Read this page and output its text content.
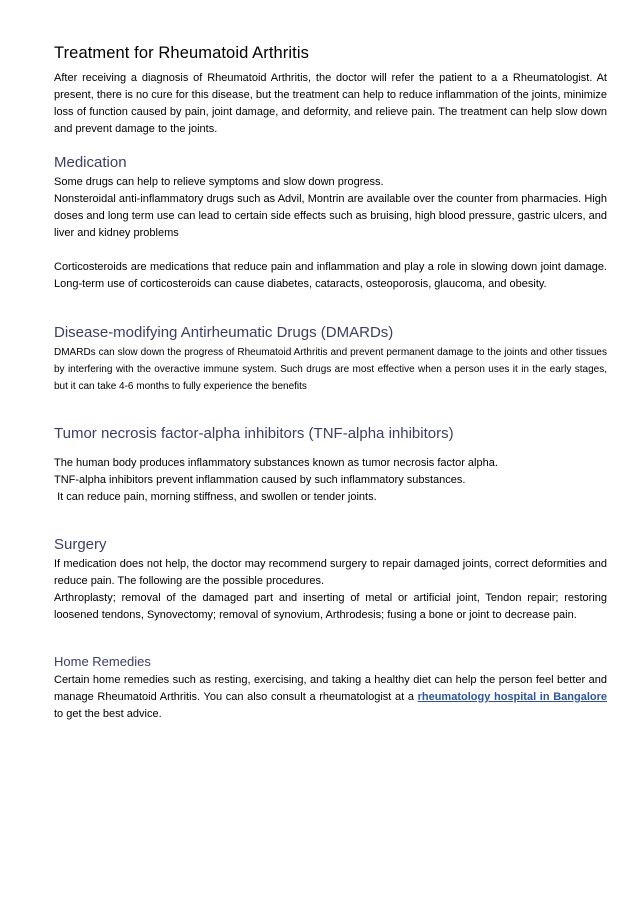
Treatment for Rheumatoid Arthritis

After receiving a diagnosis of Rheumatoid Arthritis, the doctor will refer the patient to a a Rheumatologist. At present, there is no cure for this disease, but the treatment can help to reduce inflammation of the joints, minimize loss of function caused by pain, joint damage, and deformity, and relieve pain. The treatment can help slow down and prevent damage to the joints.

Medication

Some drugs can help to relieve symptoms and slow down progress.

Nonsteroidal anti-inflammatory drugs such as Advil, Montrin are available over the counter from pharmacies. High doses and long term use can lead to certain side effects such as bruising, high blood pressure, gastric ulcers, and liver and kidney problems

Corticosteroids are medications that reduce pain and inflammation and play a role in slowing down joint damage. Long-term use of corticosteroids can cause diabetes, cataracts, osteoporosis, glaucoma, and obesity.

Disease-modifying Antirheumatic Drugs (DMARDs)

DMARDs can slow down the progress of Rheumatoid Arthritis and prevent permanent damage to the joints and other tissues by interfering with the overactive immune system. Such drugs are most effective when a person uses it in the early stages, but it can take 4-6 months to fully experience the benefits

Tumor necrosis factor-alpha inhibitors (TNF-alpha inhibitors)

The human body produces inflammatory substances known as tumor necrosis factor alpha.

TNF-alpha inhibitors prevent inflammation caused by such inflammatory substances.

It can reduce pain, morning stiffness, and swollen or tender joints.

Surgery

If medication does not help, the doctor may recommend surgery to repair damaged joints, correct deformities and reduce pain. The following are the possible procedures.

Arthroplasty; removal of the damaged part and inserting of metal or artificial joint, Tendon repair; restoring loosened tendons, Synovectomy; removal of synovium, Arthrodesis; fusing a bone or joint to decrease pain.

Home Remedies

Certain home remedies such as resting, exercising, and taking a healthy diet can help the person feel better and manage Rheumatoid Arthritis. You can also consult a rheumatologist at a rheumatology hospital in Bangalore to get the best advice.
